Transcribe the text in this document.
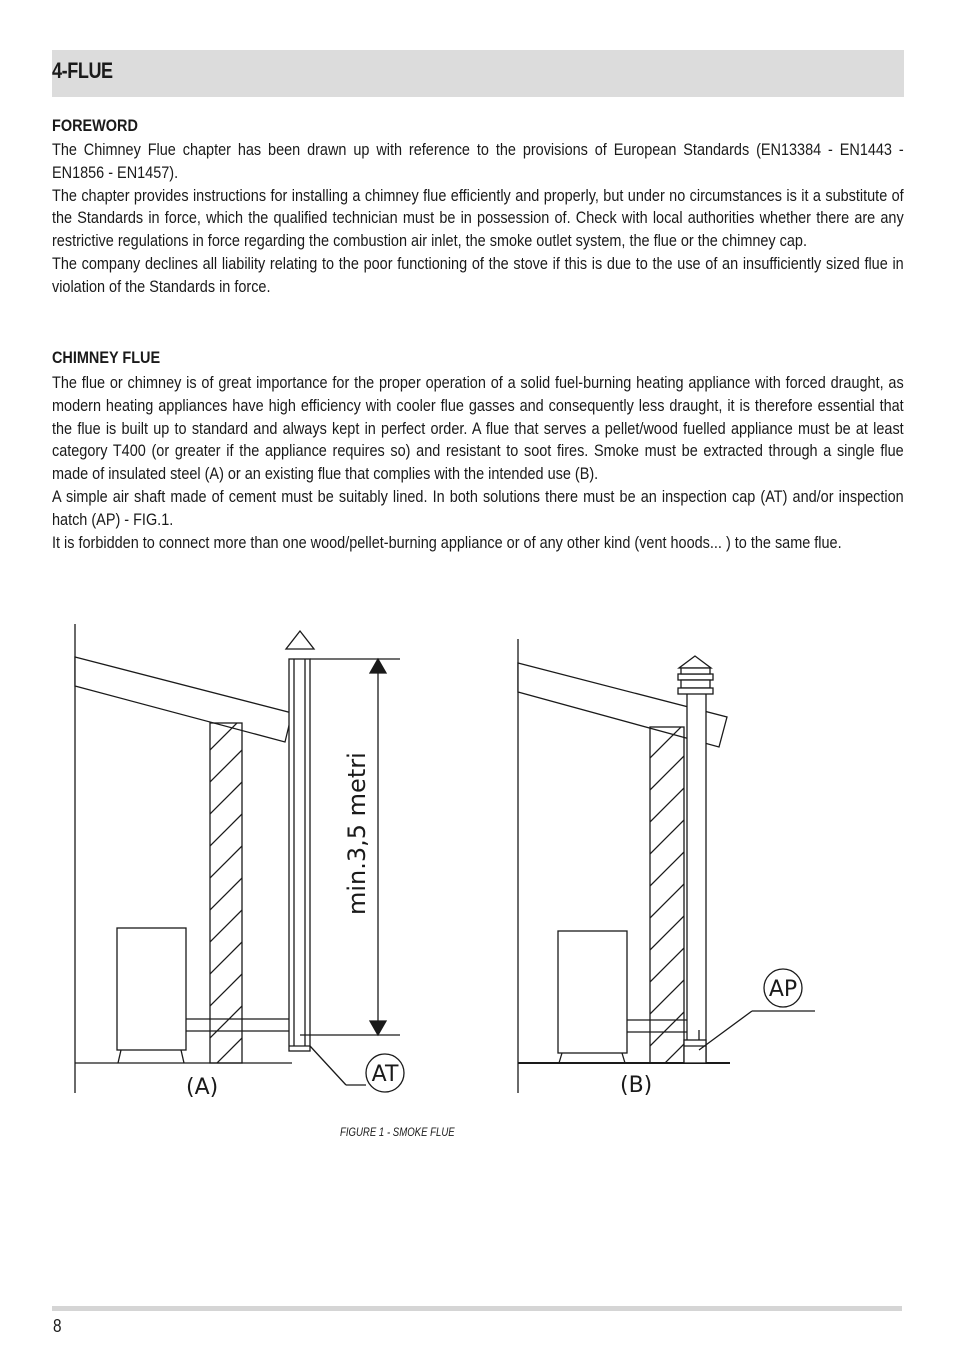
4-FLUE
FOREWORD

The Chimney Flue chapter has been drawn up with reference to the provisions of European Standards (EN13384 - EN1443 - EN1856 - EN1457).

The chapter provides instructions for installing a chimney flue efficiently and properly, but under no circumstances is it a substitute of the Standards in force, which the qualified technician must be in possession of. Check with local authorities whether there are any restrictive regulations in force regarding the combustion air inlet, the smoke outlet system, the flue or the chimney cap.

The company declines all liability relating to the poor functioning of the stove if this is due to the use of an insufficiently sized flue in violation of the Standards in force.

CHIMNEY FLUE

The flue or chimney is of great importance for the proper operation of a solid fuel-burning heating appliance with forced draught, as modern heating appliances have high efficiency with cooler flue gasses and consequently less draught, it is therefore essential that the flue is built up to standard and always kept in perfect order. A flue that serves a pellet/wood fuelled appliance must be at least category T400 (or greater if the appliance requires so) and resistant to soot fires. Smoke must be extracted through a single flue made of insulated steel (A) or an existing flue that complies with the intended use (B).

A simple air shaft made of cement must be suitably lined. In both solutions there must be an inspection cap (AT) and/or inspection hatch (AP) - FIG.1.

It is forbidden to connect more than one wood/pellet-burning appliance or of any other kind (vent hoods... ) to the same flue.

min.3,5 metri
(A)	(B)
AT
AP
FIGURE 1 - SMOKE FLUE
8
